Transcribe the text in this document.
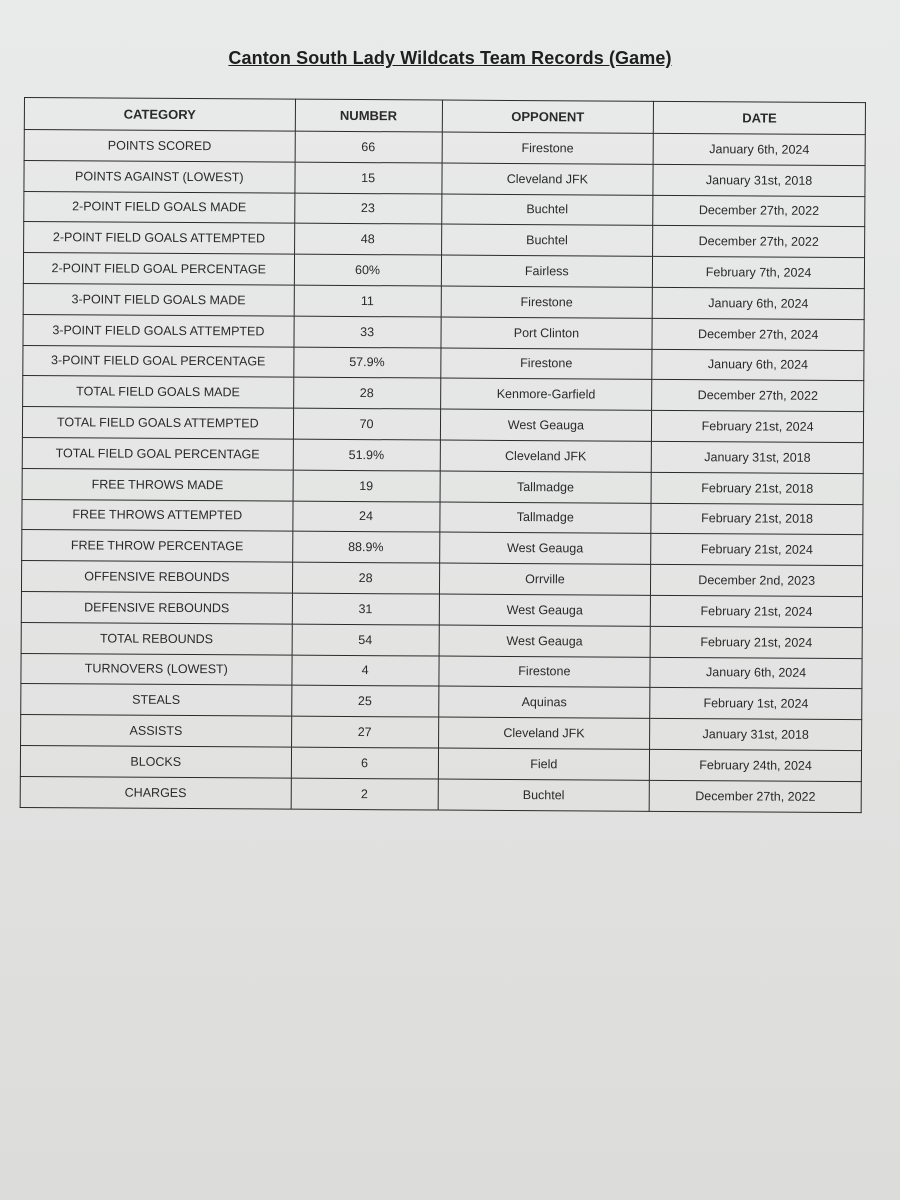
Canton South Lady Wildcats Team Records (Game)
CATEGORY	NUMBER	OPPONENT	DATE
POINTS SCORED	66	Firestone	January 6th, 2024
POINTS AGAINST (LOWEST)	15	Cleveland JFK	January 31st, 2018
2-POINT FIELD GOALS MADE	23	Buchtel	December 27th, 2022
2-POINT FIELD GOALS ATTEMPTED	48	Buchtel	December 27th, 2022
2-POINT FIELD GOAL PERCENTAGE	60%	Fairless	February 7th, 2024
3-POINT FIELD GOALS MADE	11	Firestone	January 6th, 2024
3-POINT FIELD GOALS ATTEMPTED	33	Port Clinton	December 27th, 2024
3-POINT FIELD GOAL PERCENTAGE	57.9%	Firestone	January 6th, 2024
TOTAL FIELD GOALS MADE	28	Kenmore-Garfield	December 27th, 2022
TOTAL FIELD GOALS ATTEMPTED	70	West Geauga	February 21st, 2024
TOTAL FIELD GOAL PERCENTAGE	51.9%	Cleveland JFK	January 31st, 2018
FREE THROWS MADE	19	Tallmadge	February 21st, 2018
FREE THROWS ATTEMPTED	24	Tallmadge	February 21st, 2018
FREE THROW PERCENTAGE	88.9%	West Geauga	February 21st, 2024
OFFENSIVE REBOUNDS	28	Orrville	December 2nd, 2023
DEFENSIVE REBOUNDS	31	West Geauga	February 21st, 2024
TOTAL REBOUNDS	54	West Geauga	February 21st, 2024
TURNOVERS (LOWEST)	4	Firestone	January 6th, 2024
STEALS	25	Aquinas	February 1st, 2024
ASSISTS	27	Cleveland JFK	January 31st, 2018
BLOCKS	6	Field	February 24th, 2024
CHARGES	2	Buchtel	December 27th, 2022
